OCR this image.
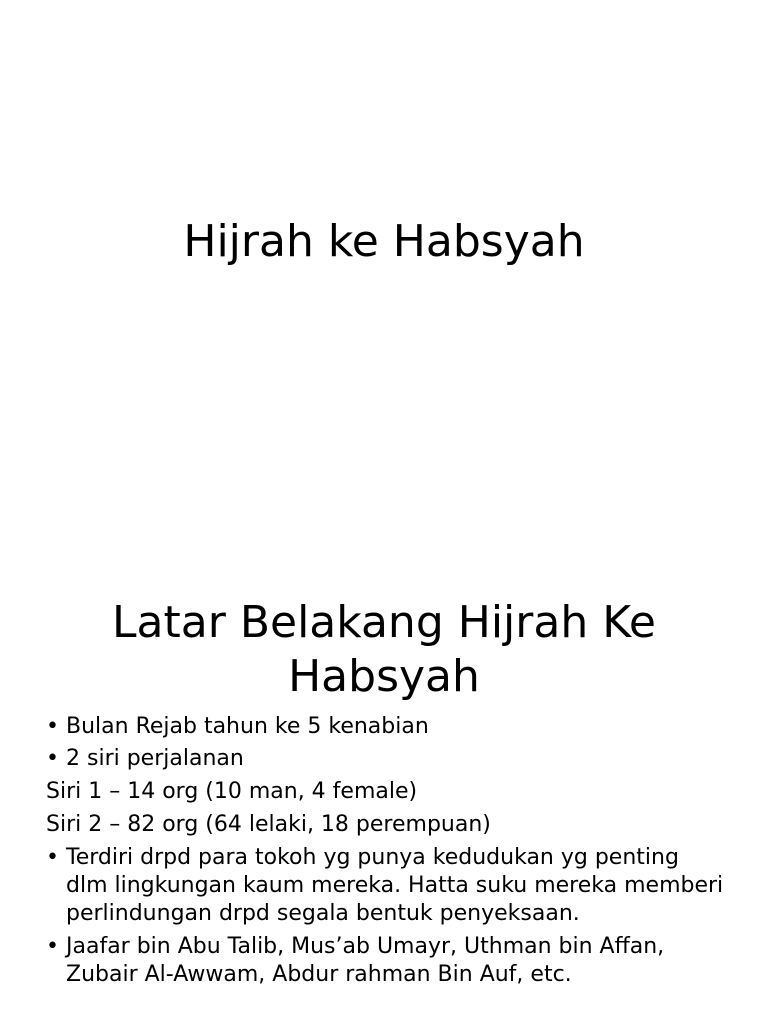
Hijrah ke Habsyah
Latar Belakang Hijrah Ke
Habsyah

• Bulan Rejab tahun ke 5 kenabian

• 2 siri perjalanan

Siri 1 – 14 org (10 man, 4 female)

Siri 2 – 82 org (64 lelaki, 18 perempuan)

• Terdiri drpd para tokoh yg punya kedudukan yg penting dlm lingkungan kaum mereka. Hatta suku mereka memberi perlindungan drpd segala bentuk penyeksaan.

• Jaafar bin Abu Talib, Mus’ab Umayr, Uthman bin Affan, Zubair Al-Awwam, Abdur rahman Bin Auf, etc.
